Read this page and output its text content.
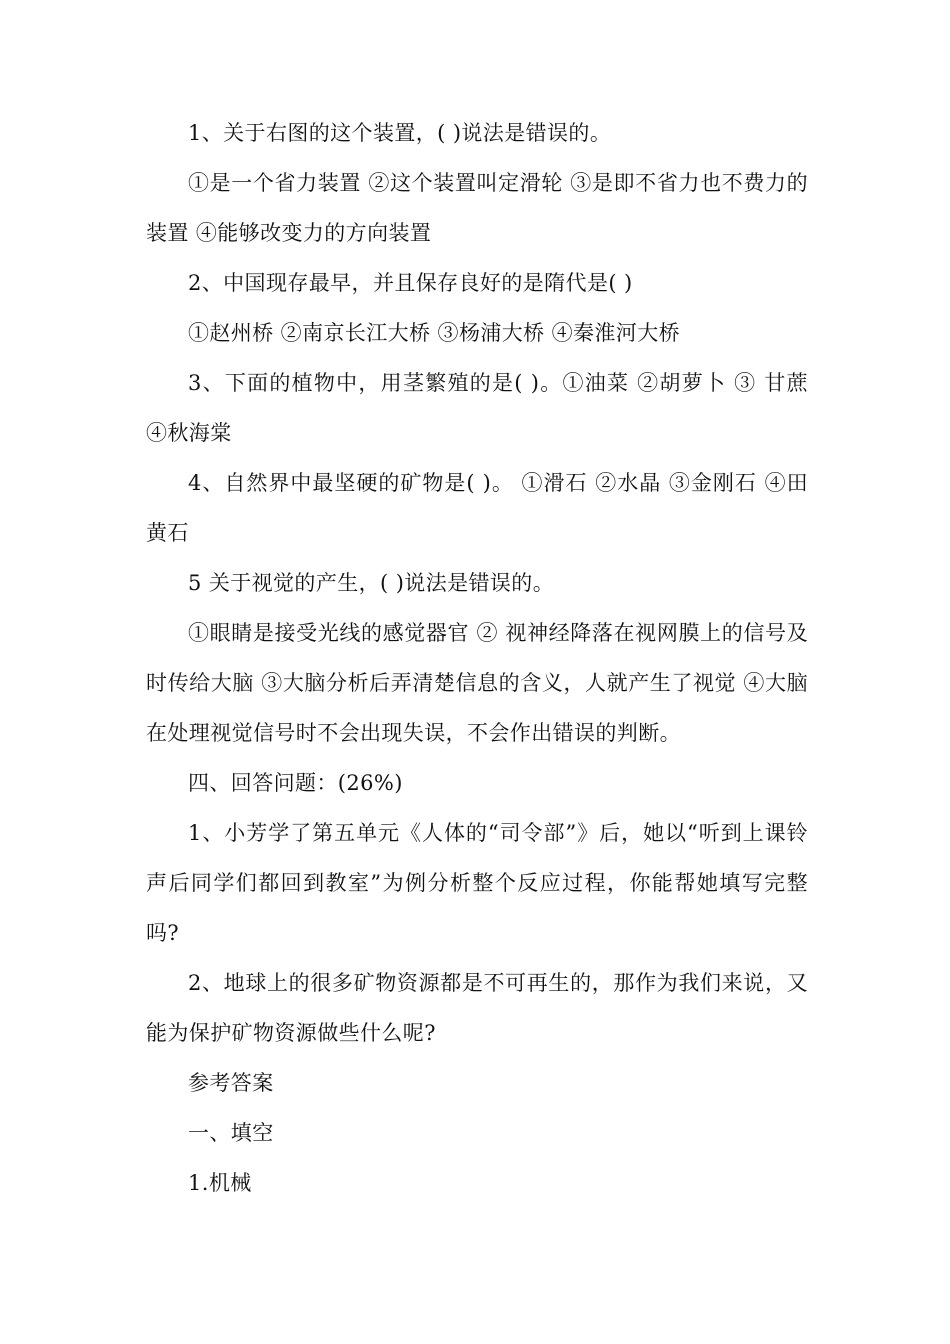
1、关于右图的这个装置，( )说法是错误的。

①是一个省力装置 ②这个装置叫定滑轮 ③是即不省力也不费力的装置 ④能够改变力的方向装置

2、中国现存最早，并且保存良好的是隋代是( )

①赵州桥 ②南京长江大桥 ③杨浦大桥 ④秦淮河大桥

3、下面的植物中，用茎繁殖的是( )。①油菜 ②胡萝卜 ③ 甘蔗 ④秋海棠

4、自然界中最坚硬的矿物是( )。 ①滑石 ②水晶 ③金刚石 ④田黄石

5 关于视觉的产生，( )说法是错误的。

①眼睛是接受光线的感觉器官 ② 视神经降落在视网膜上的信号及时传给大脑 ③大脑分析后弄清楚信息的含义，人就产生了视觉 ④大脑在处理视觉信号时不会出现失误，不会作出错误的判断。

四、回答问题：(26%)

1、小芳学了第五单元《人体的“司令部”》后，她以“听到上课铃声后同学们都回到教室”为例分析整个反应过程，你能帮她填写完整吗?

2、地球上的很多矿物资源都是不可再生的，那作为我们来说，又能为保护矿物资源做些什么呢?

参考答案

一、填空

1.机械
